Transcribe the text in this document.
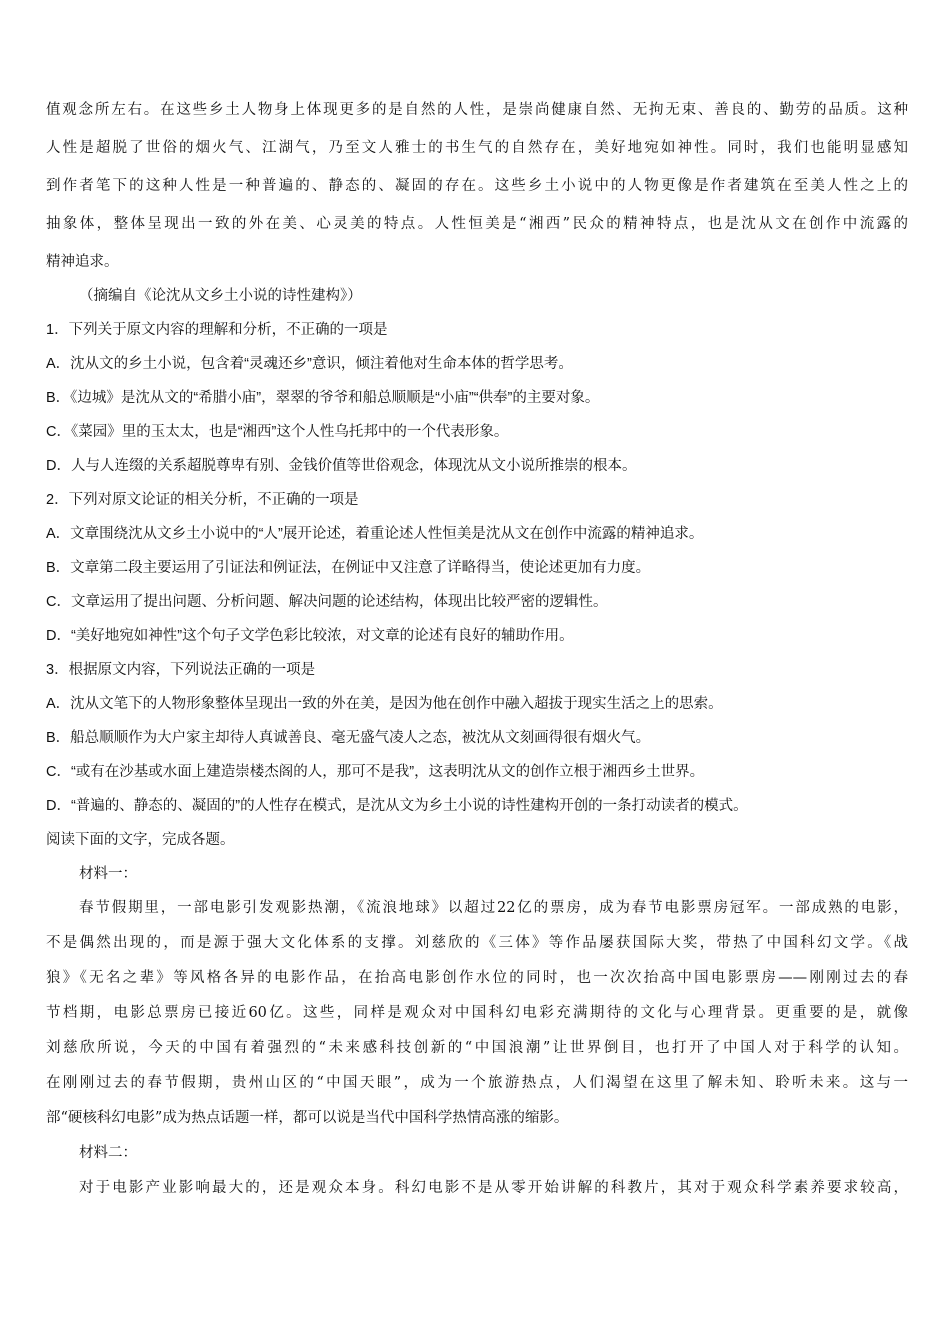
值观念所左右。在这些乡土人物身上体现更多的是自然的人性，是崇尚健康自然、无拘无束、善良的、勤劳的品质。这种
人性是超脱了世俗的烟火气、江湖气，乃至文人雅士的书生气的自然存在，美好地宛如神性。同时，我们也能明显感知
到作者笔下的这种人性是一种普遍的、静态的、凝固的存在。这些乡土小说中的人物更像是作者建筑在至美人性之上的
抽象体，整体呈现出一致的外在美、心灵美的特点。人性恒美是“湘西”民众的精神特点，也是沈从文在创作中流露的
精神追求。
（摘编自《论沈从文乡土小说的诗性建构》）
1．下列关于原文内容的理解和分析，不正确的一项是
A．沈从文的乡土小说，包含着“灵魂还乡”意识，倾注着他对生命本体的哲学思考。
B．《边城》是沈从文的“希腊小庙”，翠翠的爷爷和船总顺顺是“小庙”“供奉”的主要对象。
C．《菜园》里的玉太太，也是“湘西”这个人性乌托邦中的一个代表形象。
D．人与人连缀的关系超脱尊卑有别、金钱价值等世俗观念，体现沈从文小说所推崇的根本。
2．下列对原文论证的相关分析，不正确的一项是
A．文章围绕沈从文乡土小说中的“人”展开论述，着重论述人性恒美是沈从文在创作中流露的精神追求。
B．文章第二段主要运用了引证法和例证法，在例证中又注意了详略得当，使论述更加有力度。
C．文章运用了提出问题、分析问题、解决问题的论述结构，体现出比较严密的逻辑性。
D．“美好地宛如神性”这个句子文学色彩比较浓，对文章的论述有良好的辅助作用。
3．根据原文内容，下列说法正确的一项是
A．沈从文笔下的人物形象整体呈现出一致的外在美，是因为他在创作中融入超拔于现实生活之上的思索。
B．船总顺顺作为大户家主却待人真诚善良、毫无盛气凌人之态，被沈从文刻画得很有烟火气。
C．“或有在沙基或水面上建造崇楼杰阁的人，那可不是我”，这表明沈从文的创作立根于湘西乡土世界。
D．“普遍的、静态的、凝固的”的人性存在模式，是沈从文为乡土小说的诗性建构开创的一条打动读者的模式。
阅读下面的文字，完成各题。
材料一：
春节假期里，一部电影引发观影热潮，《流浪地球》以超过22亿的票房，成为春节电影票房冠军。一部成熟的电影，
不是偶然出现的，而是源于强大文化体系的支撑。刘慈欣的《三体》等作品屡获国际大奖，带热了中国科幻文学。《战
狼》《无名之辈》等风格各异的电影作品，在抬高电影创作水位的同时，也一次次抬高中国电影票房——刚刚过去的春
节档期，电影总票房已接近60亿。这些，同样是观众对中国科幻电彩充满期待的文化与心理背景。更重要的是，就像
刘慈欣所说，今天的中国有着强烈的“未来感科技创新的“中国浪潮”让世界倒目，也打开了中国人对于科学的认知。
在刚刚过去的春节假期，贵州山区的“中国天眼”，成为一个旅游热点，人们渴望在这里了解未知、聆听未来。这与一
部“硬核科幻电影”成为热点话题一样，都可以说是当代中国科学热情高涨的缩影。
材料二：
对于电影产业影响最大的，还是观众本身。科幻电影不是从零开始讲解的科教片，其对于观众科学素养要求较高，
